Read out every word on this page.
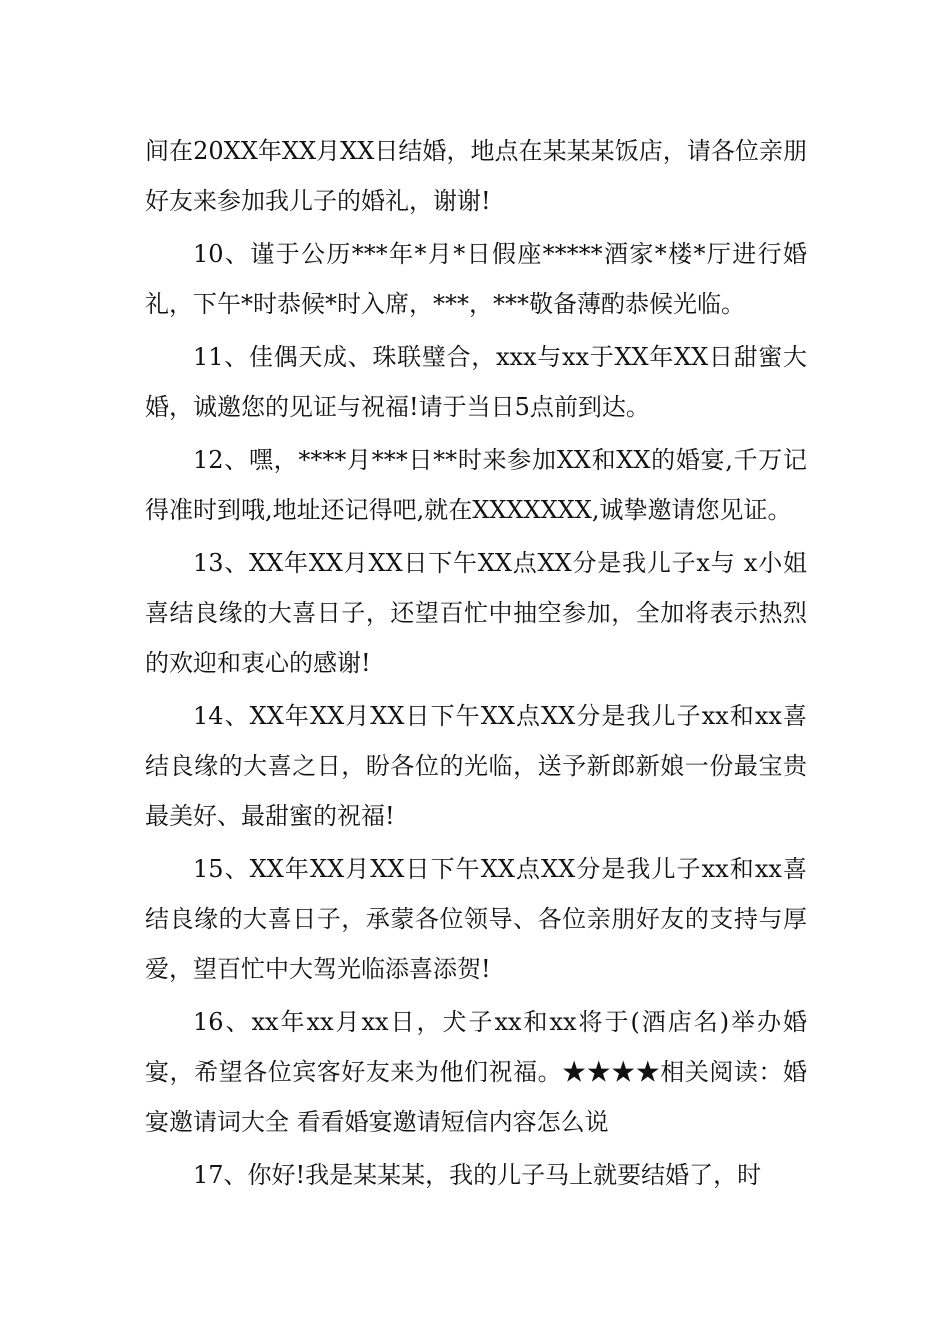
间在20XX年XX月XX日结婚，地点在某某某饭店，请各位亲朋好友来参加我儿子的婚礼，谢谢!

10、谨于公历***年*月*日假座*****酒家*楼*厅进行婚礼，下午*时恭候*时入席，***，***敬备薄酌恭候光临。

11、佳偶天成、珠联璧合，xxx与xx于XX年XX日甜蜜大婚，诚邀您的见证与祝福!请于当日5点前到达。

12、嘿，****月***日**时来参加XX和XX的婚宴,千万记得准时到哦,地址还记得吧,就在XXXXXXX,诚挚邀请您见证。

13、XX年XX月XX日下午XX点XX分是我儿子x与 x小姐喜结良缘的大喜日子，还望百忙中抽空参加，全加将表示热烈的欢迎和衷心的感谢!

14、XX年XX月XX日下午XX点XX分是我儿子xx和xx喜结良缘的大喜之日，盼各位的光临，送予新郎新娘一份最宝贵最美好、最甜蜜的祝福!

15、XX年XX月XX日下午XX点XX分是我儿子xx和xx喜结良缘的大喜日子，承蒙各位领导、各位亲朋好友的支持与厚爱，望百忙中大驾光临添喜添贺!

16、xx年xx月xx日，犬子xx和xx将于(酒店名)举办婚宴，希望各位宾客好友来为他们祝福。★★★★相关阅读：婚宴邀请词大全 看看婚宴邀请短信内容怎么说

17、你好!我是某某某，我的儿子马上就要结婚了，时
